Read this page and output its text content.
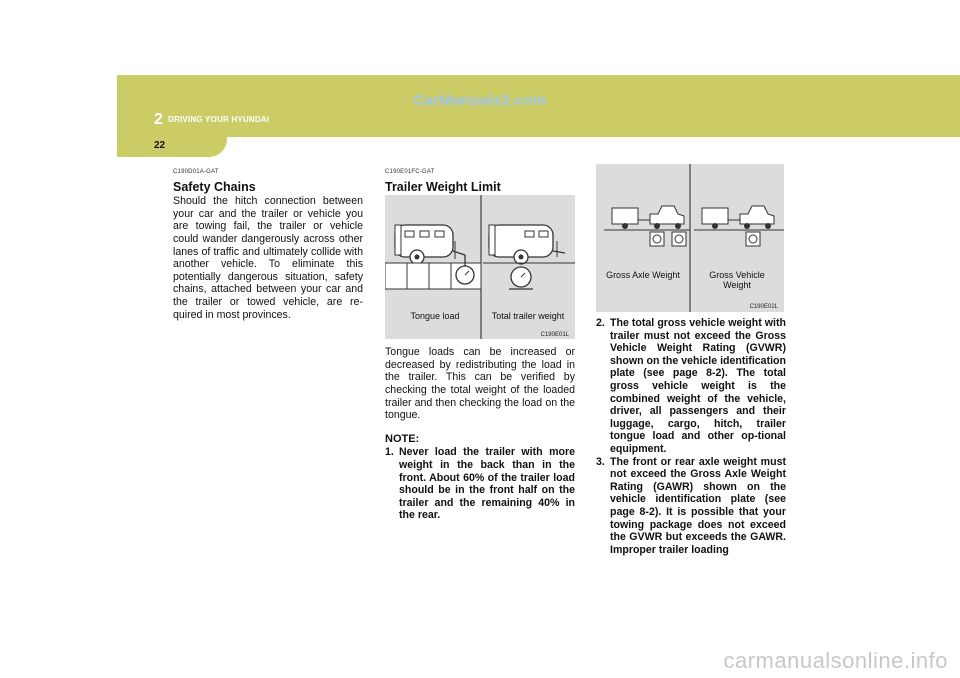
CarManuals2.com
2 DRIVING YOUR HYUNDAI
22
C190D01A-GAT
Safety Chains
Should the hitch connection between your car and the trailer or vehicle you are towing fail, the trailer or vehicle could wander dangerously across other lanes of traffic and ultimately collide with another vehicle. To eliminate this potentially dangerous situation, safety chains, attached between your car and the trailer or towed vehicle, are re-quired in most provinces.
C190E01FC-GAT
Trailer Weight Limit
Tongue load	Total trailer weight
C190E01L
Tongue loads can be increased or decreased by redistributing the load in the trailer. This can be verified by checking the total weight of the loaded trailer and then checking the load on the tongue.
NOTE:
1. Never load the trailer with more weight in the back than in the front. About 60% of the trailer load should be in the front half on the trailer and the remaining 40% in the rear.
Gross Axle Weight	Gross Vehicle Weight
C190E02L
2. The total gross vehicle weight with trailer must not exceed the Gross Vehicle Weight Rating (GVWR) shown on the vehicle identification plate (see page 8-2). The total gross vehicle weight is the combined weight of the vehicle, driver, all passengers and their luggage, cargo, hitch, trailer tongue load and other op-tional equipment.
3. The front or rear axle weight must not exceed the Gross Axle Weight Rating (GAWR) shown on the vehicle identification plate (see page 8-2). It is possible that your towing package does not exceed the GVWR but exceeds the GAWR. Improper trailer loading
carmanualsonline.info
